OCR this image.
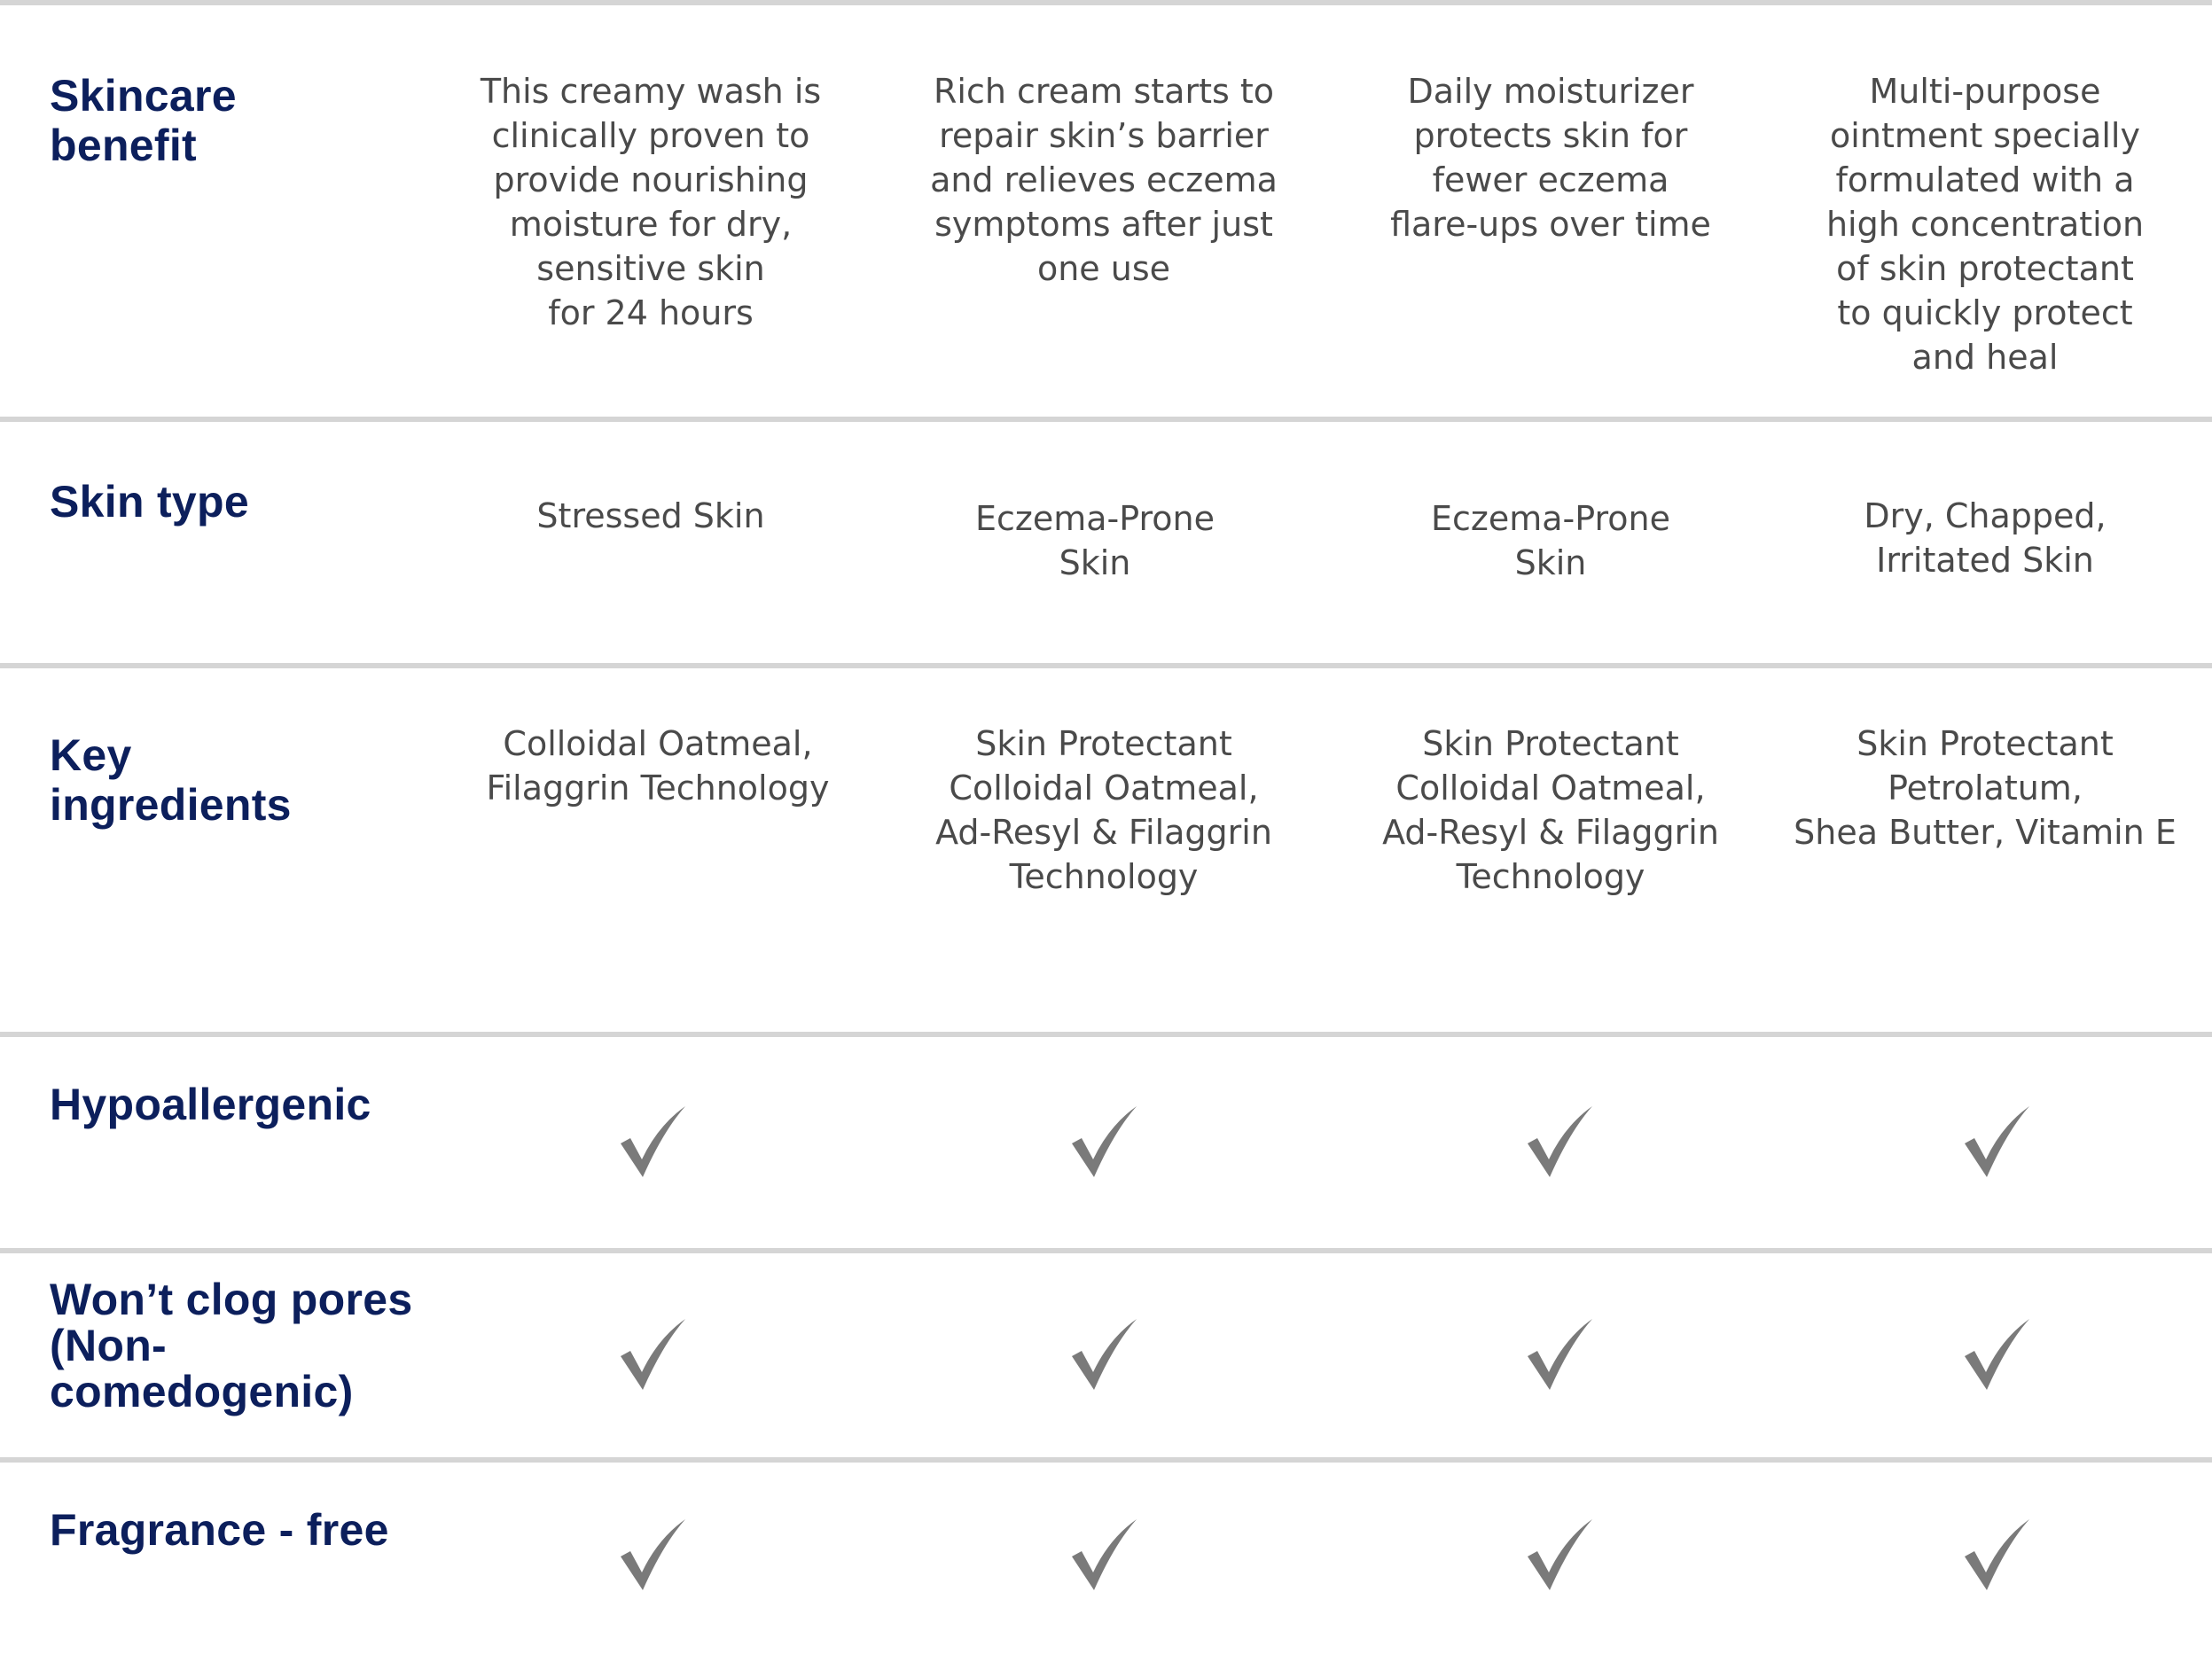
Skincare
benefit
This creamy wash is
clinically proven to
provide nourishing
moisture for dry,
sensitive skin
for 24 hours
Rich cream starts to
repair skin’s barrier
and relieves eczema
symptoms after just
one use
Daily moisturizer
protects skin for
fewer eczema
flare-ups over time
Multi-purpose
ointment specially
formulated with a
high concentration
of skin protectant
to quickly protect
and heal
Skin type	Stressed Skin	Eczema-Prone
Skin
Eczema-Prone
Skin
Dry, Chapped,
Irritated Skin
Key
ingredients
Colloidal Oatmeal,
Filaggrin Technology
Skin Protectant
Colloidal Oatmeal,
Ad-Resyl & Filaggrin
Technology
Skin Protectant
Colloidal Oatmeal,
Ad-Resyl & Filaggrin
Technology
Skin Protectant
Petrolatum,
Shea Butter, Vitamin E
Hypoallergenic
Won’t clog pores
(Non-
comedogenic)
Fragrance - free
